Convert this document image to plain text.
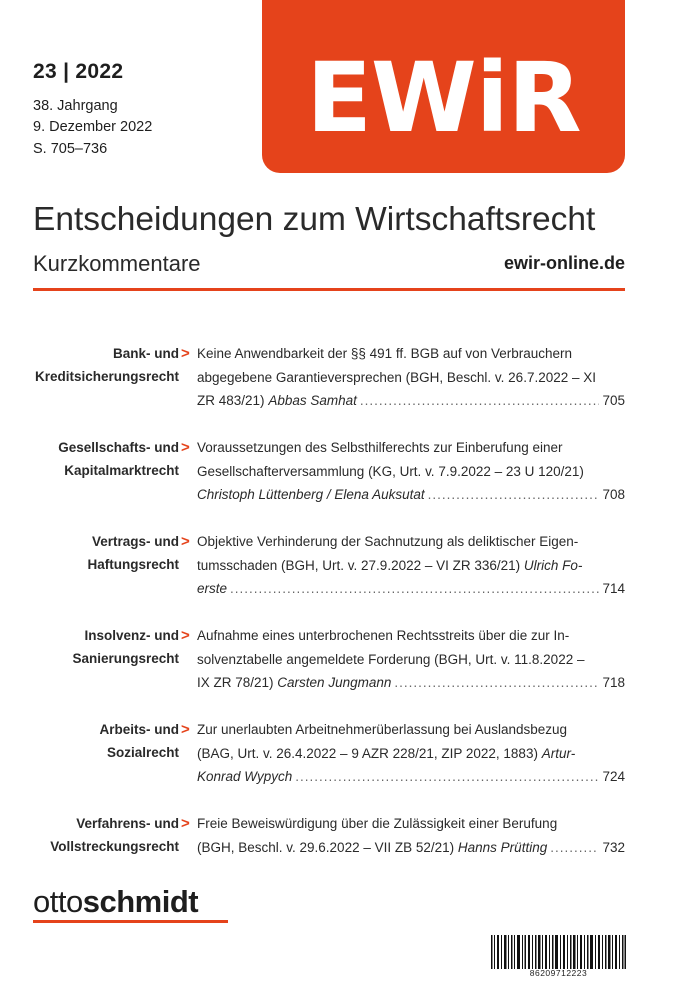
23 | 2022
38. Jahrgang
9. Dezember 2022
S. 705–736	EWiR
Entscheidungen zum Wirtschaftsrecht
Kurzkommentare	ewir-online.de
Bank- und
Kreditsicherungsrecht
> Keine Anwendbarkeit der §§ 491 ff. BGB auf von Verbrauchern
abgegebene Garantieversprechen (BGH, Beschl. v. 26.7.2022 – XI
ZR 483/21) Abbas Samhat .....	705
Gesellschafts- und
Kapitalmarktrecht
> Voraussetzungen des Selbsthilferechts zur Einberufung einer
Gesellschafterversammlung (KG, Urt. v. 7.9.2022 – 23 U 120/21)
Christoph Lüttenberg / Elena Auksutat .....	708
Vertrags- und
Haftungsrecht
> Objektive Verhinderung der Sachnutzung als deliktischer Eigen-
tumsschaden (BGH, Urt. v. 27.9.2022 – VI ZR 336/21) Ulrich Fo-
erste .....	714
Insolvenz- und
Sanierungsrecht
> Aufnahme eines unterbrochenen Rechtsstreits über die zur In-
solvenztabelle angemeldete Forderung (BGH, Urt. v. 11.8.2022 –
IX ZR 78/21) Carsten Jungmann .....	718
Arbeits- und
Sozialrecht
> Zur unerlaubten Arbeitnehmerüberlassung bei Auslandsbezug
(BAG, Urt. v. 26.4.2022 – 9 AZR 228/21, ZIP 2022, 1883) Artur-
Konrad Wypych .....	724
Verfahrens- und
Vollstreckungsrecht
> Freie Beweiswürdigung über die Zulässigkeit einer Berufung
(BGH, Beschl. v. 29.6.2022 – VII ZB 52/21) Hanns Prütting .....	732
ottoschmidt
86209712223
